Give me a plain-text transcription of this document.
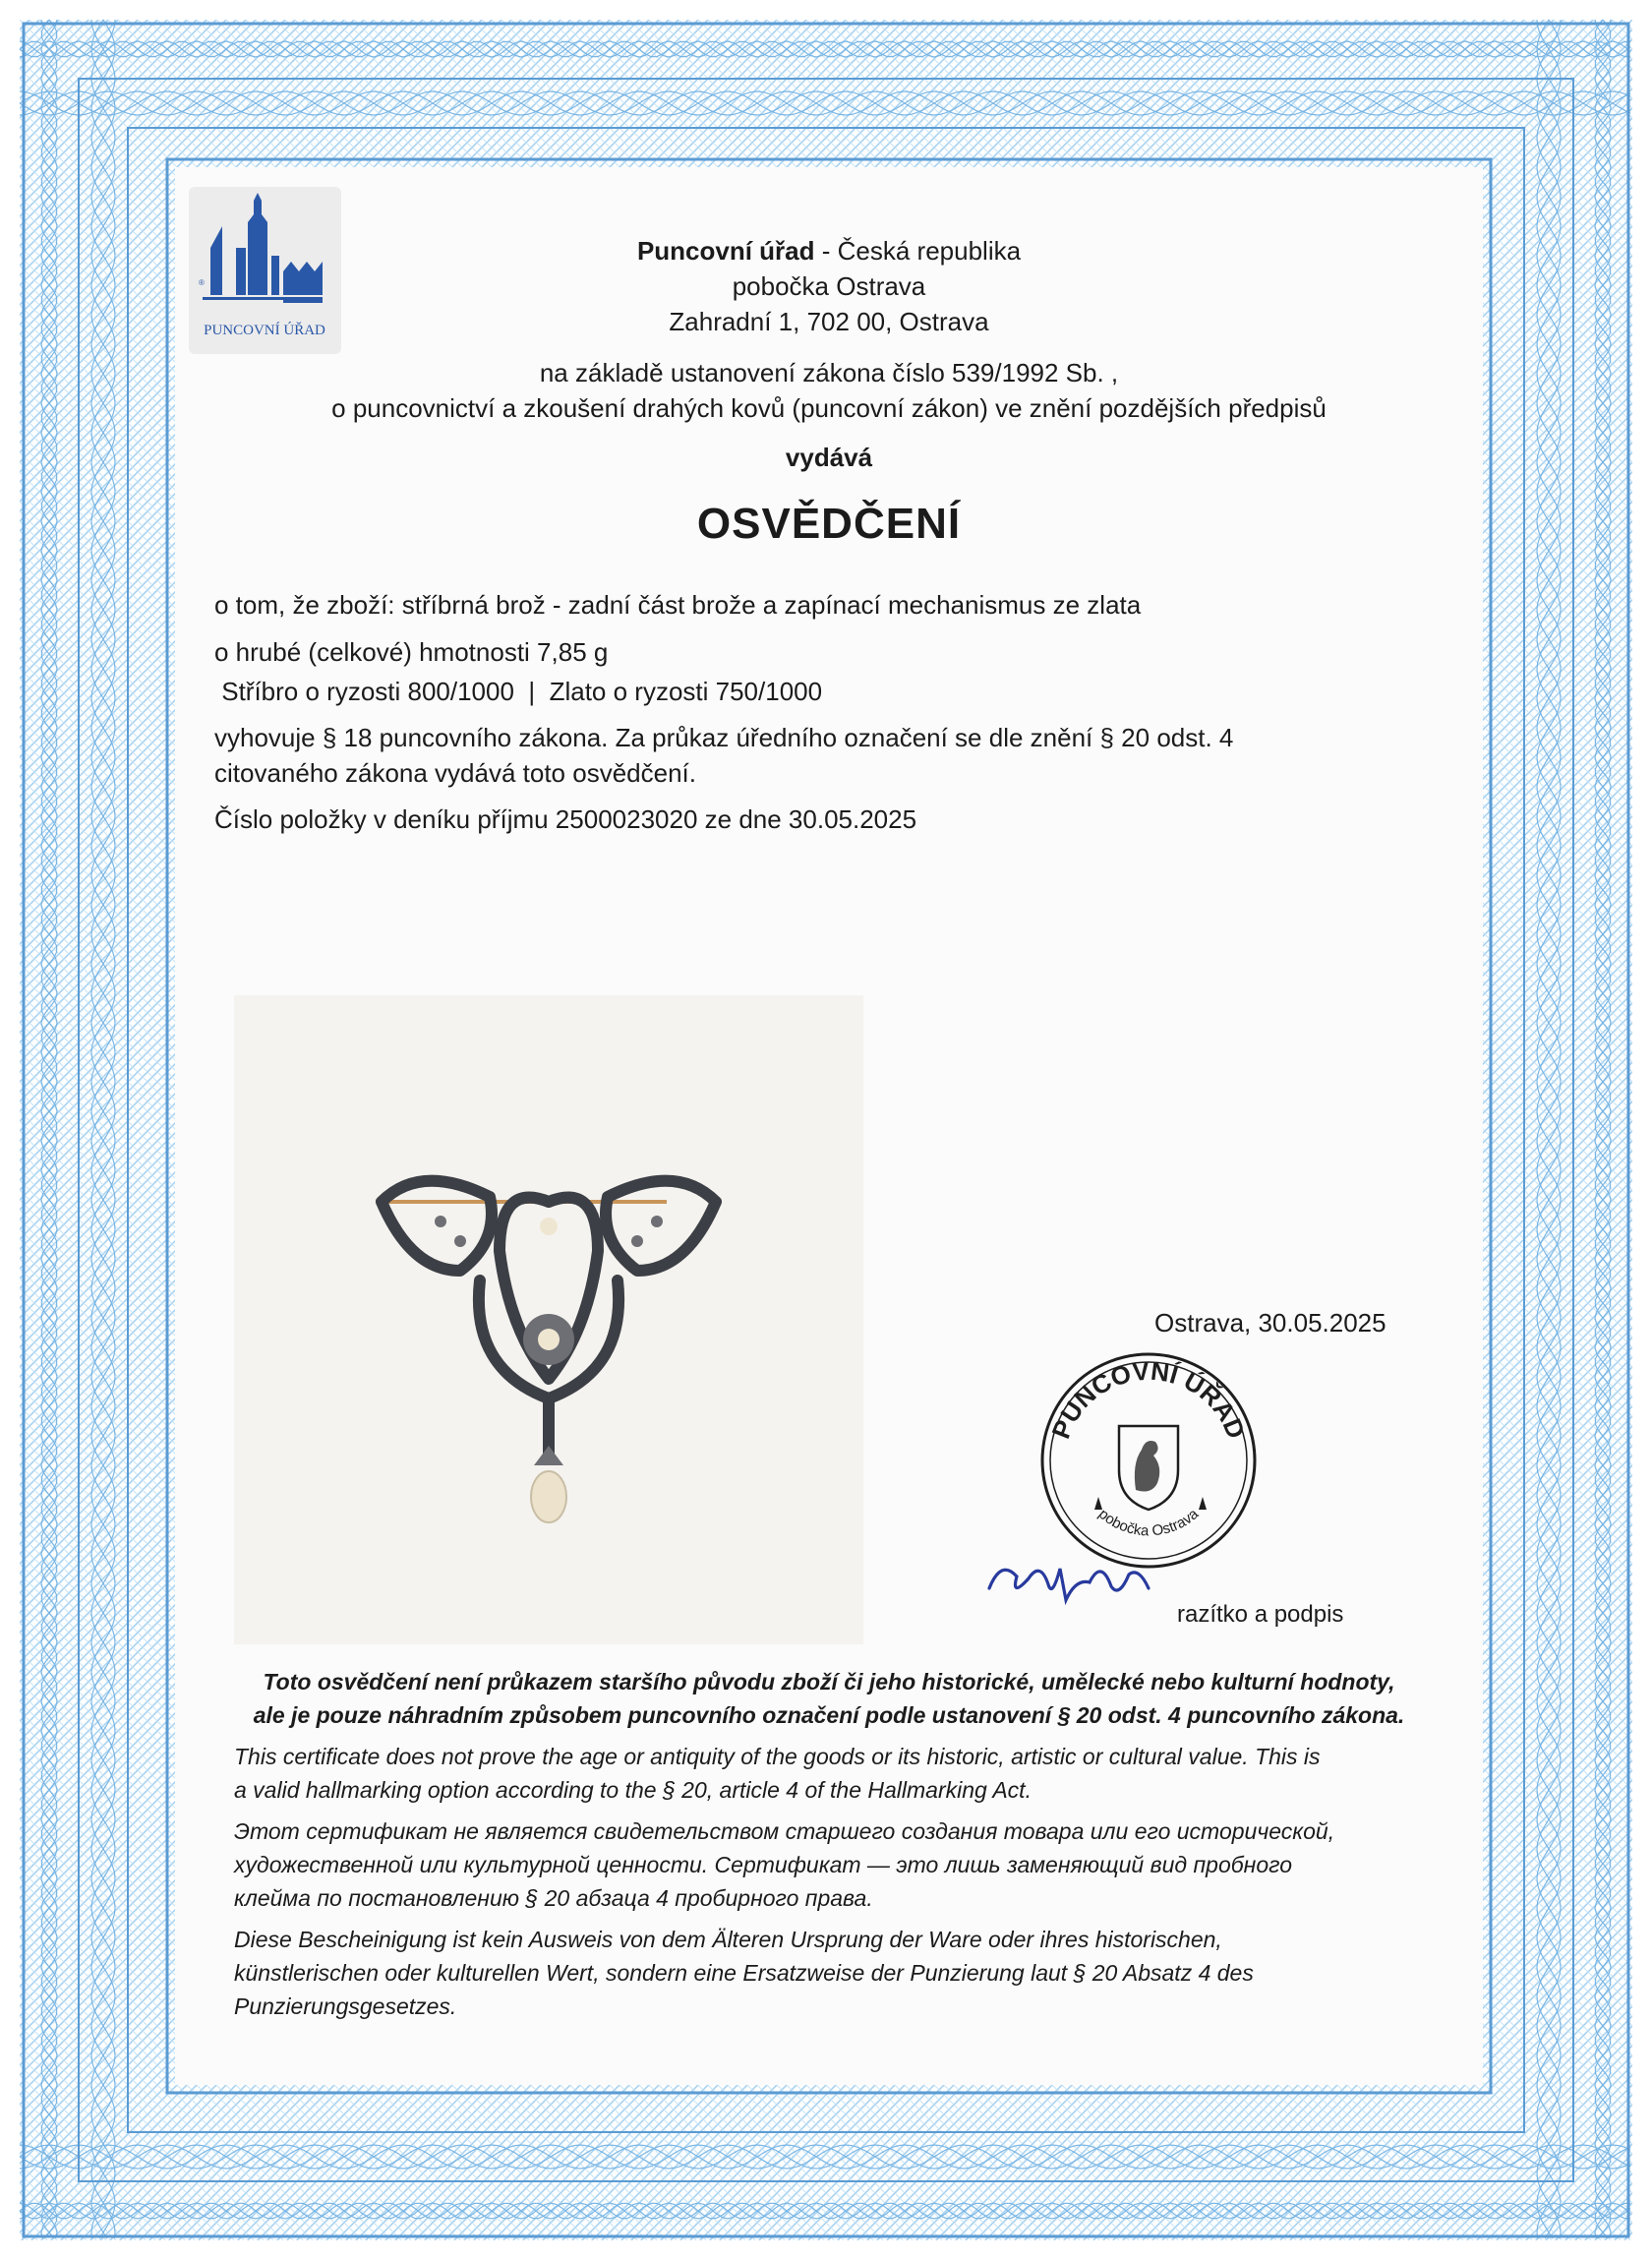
®
PUNCOVNÍ ÚŘAD
Puncovní úřad - Česká republika
pobočka Ostrava
Zahradní 1, 702 00, Ostrava
na základě ustanovení zákona číslo 539/1992 Sb. ,
o puncovnictví a zkoušení drahých kovů (puncovní zákon) ve znění pozdějších předpisů
vydává
OSVĚDČENÍ
o tom, že zboží: stříbrná brož - zadní část brože a zapínací mechanismus ze zlata
o hrubé (celkové) hmotnosti 7,85 g
Stříbro o ryzosti 800/1000  |  Zlato o ryzosti 750/1000
vyhovuje § 18 puncovního zákona. Za průkaz úředního označení se dle znění § 20 odst. 4
citovaného zákona vydává toto osvědčení.
Číslo položky v deníku příjmu 2500023020 ze dne 30.05.2025
Ostrava, 30.05.2025
PUNCOVNÍ ÚŘAD
pobočka Ostrava
razítko a podpis

Toto osvědčení není průkazem staršího původu zboží či jeho historické, umělecké nebo kulturní hodnoty,

ale je pouze náhradním způsobem puncovního označení podle ustanovení § 20 odst. 4 puncovního zákona.

This certificate does not prove the age or antiquity of the goods or its historic, artistic or cultural value. This is

a valid hallmarking option according to the § 20, article 4 of the Hallmarking Act.

Этот сертификат не является свидетельством старшего создания товара или его исторической,

художественной или культурной ценности. Сертификат — это лишь заменяющий вид пробного

клейма по постановлению § 20 абзаца 4 пробирного права.

Diese Bescheinigung ist kein Ausweis von dem Älteren Ursprung der Ware oder ihres historischen,

künstlerischen oder kulturellen Wert, sondern eine Ersatzweise der Punzierung laut § 20 Absatz 4 des

Punzierungsgesetzes.
